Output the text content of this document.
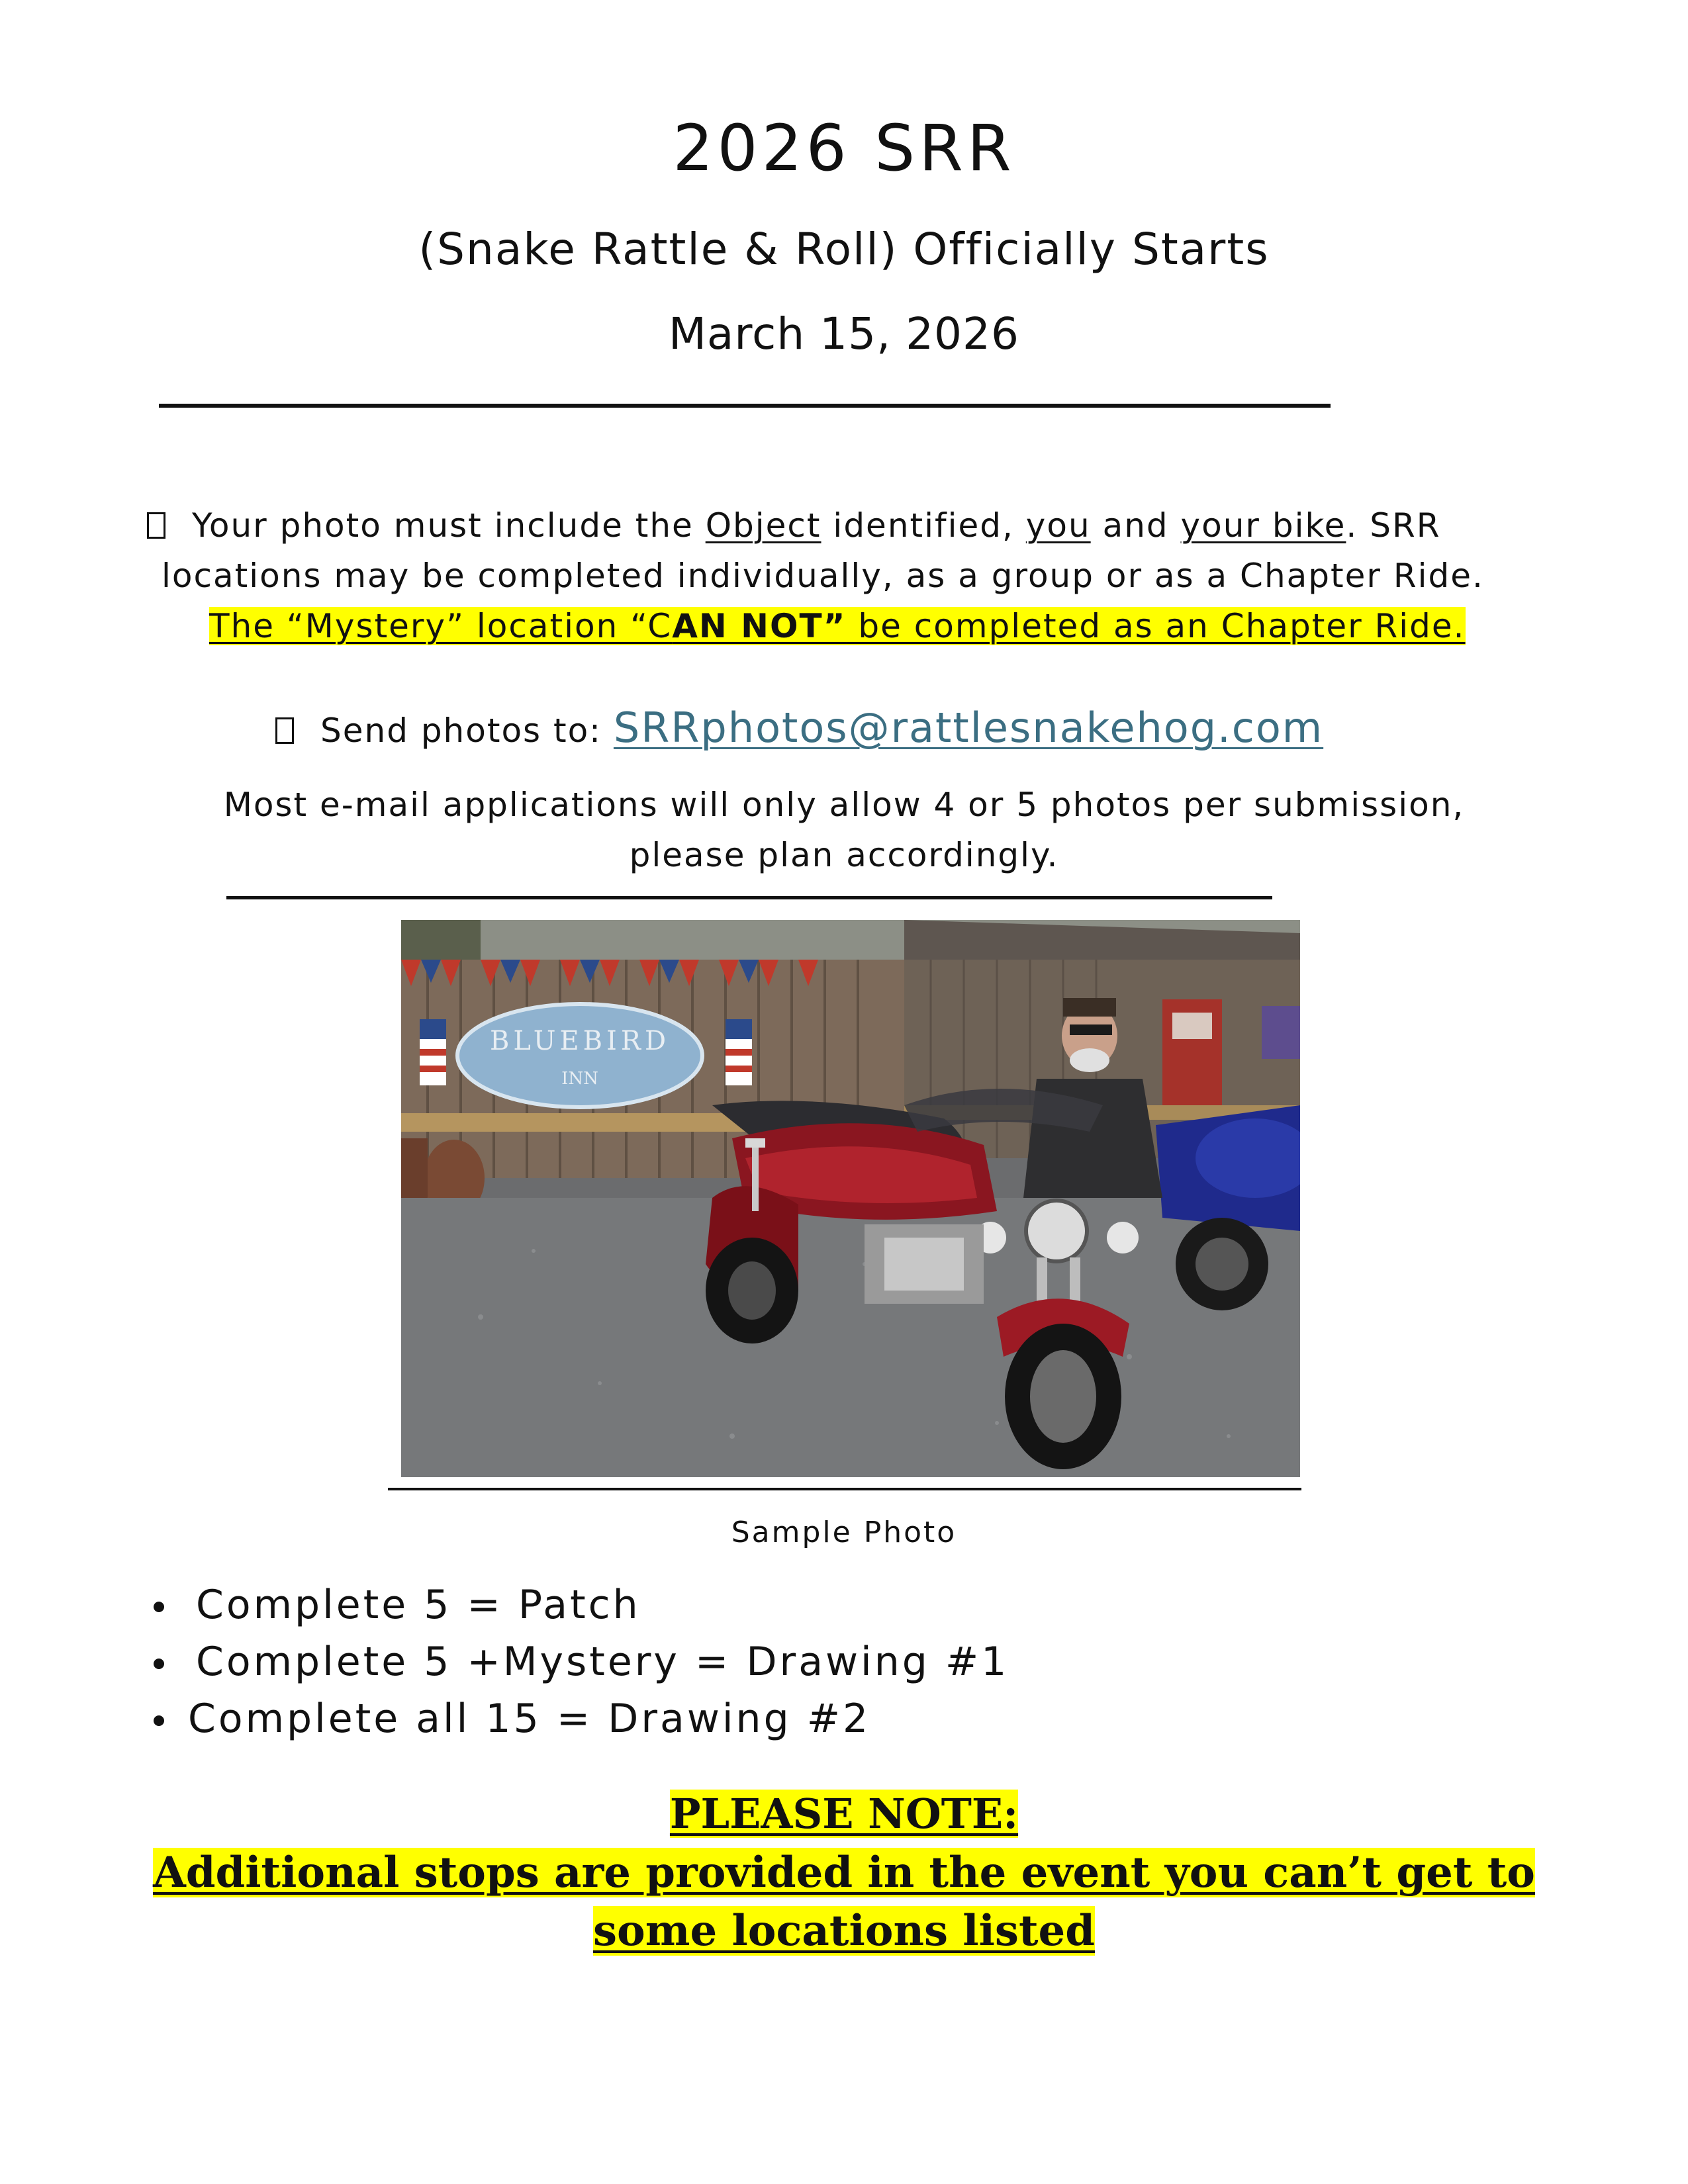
2026 SRR
(Snake Rattle & Roll) Officially Starts
March 15, 2026
Your photo must include the Object identified, you and your bike. SRR
locations may be completed individually, as a group or as a Chapter Ride.
The “Mystery” location “CAN NOT” be completed as an Chapter Ride.
Send photos to: SRRphotos@rattlesnakehog.com
Most e-mail applications will only allow 4 or 5 photos per submission,
please plan accordingly.
BLUEBIRD
INN
Sample Photo
Complete 5 = Patch
Complete 5 +Mystery = Drawing #1
Complete all 15 = Drawing #2
PLEASE NOTE:
Additional stops are provided in the event you can’t get to
some locations listed
